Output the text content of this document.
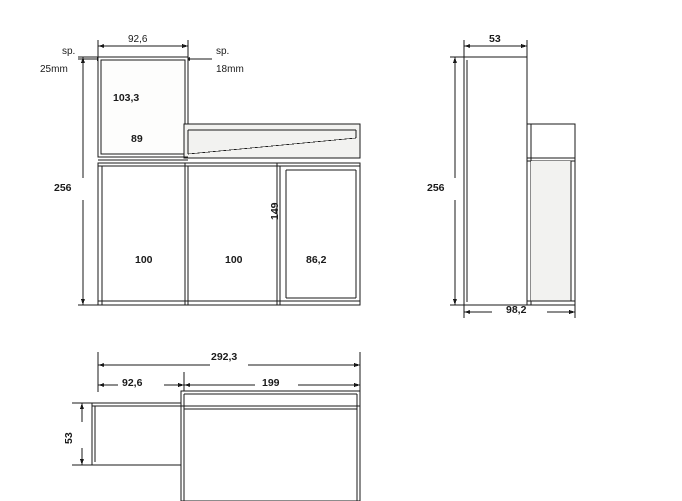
92,6
sp.
25mm
sp.
18mm
103,3
89
256
149
100	100	86,2
53
256
98,2
292,3
92,6	199
53
